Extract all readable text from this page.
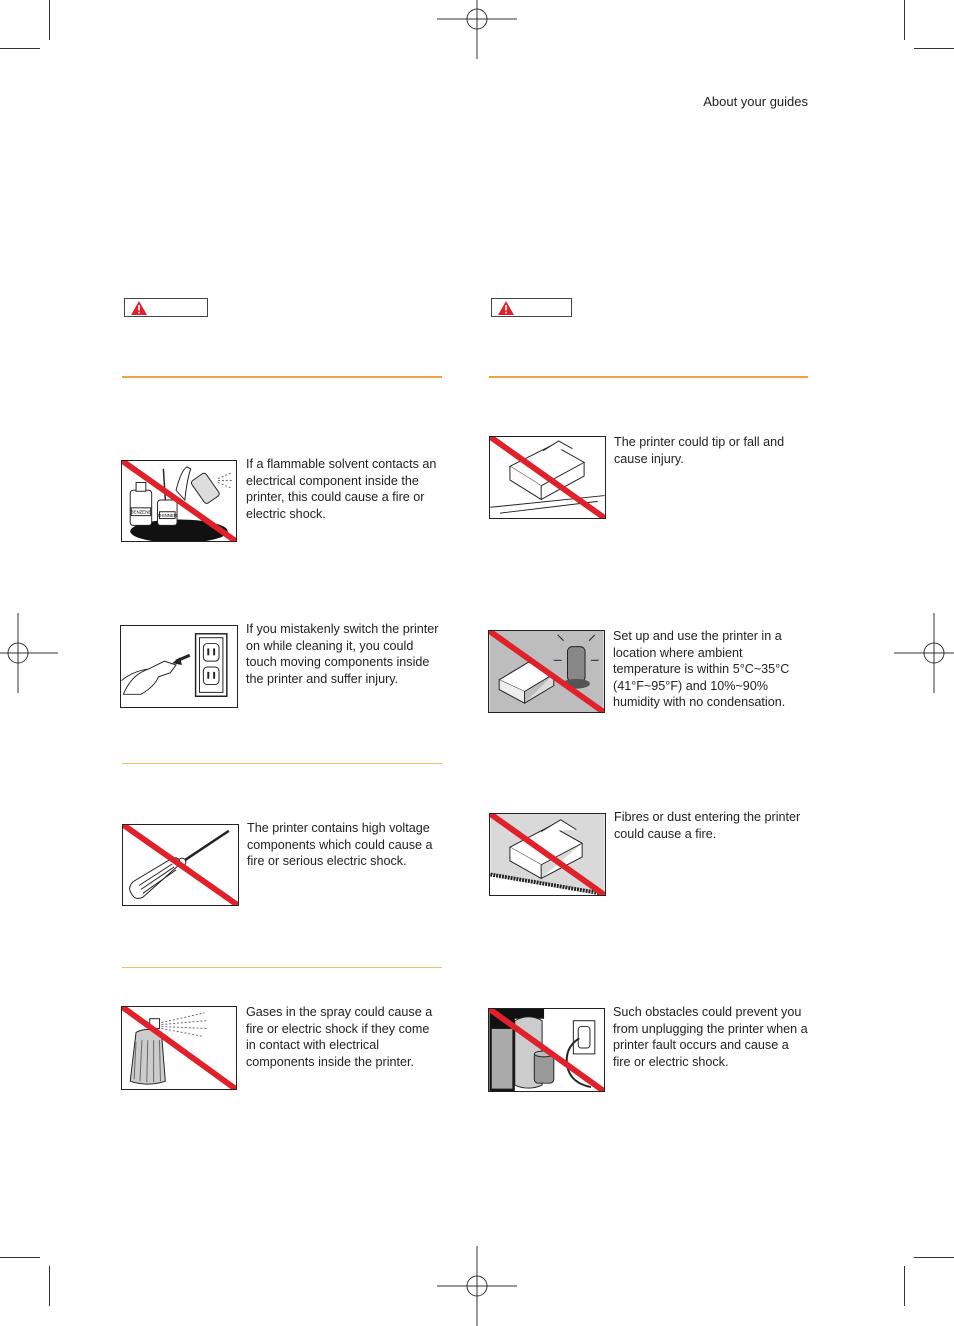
About your guides
BENZENE
THINNER
If a flammable solvent contacts an electrical component inside the printer, this could cause a fire or electric shock.
If you mistakenly switch the printer on while cleaning it, you could touch moving components inside the printer and suffer injury.
The printer contains high voltage components which could cause a fire or serious electric shock.
Gases in the spray could cause a fire or electric shock if they come in contact with electrical components inside the printer.
The printer could tip or fall and cause injury.
Set up and use the printer in a location where ambient temperature is within 5°C~35°C (41°F~95°F) and 10%~90% humidity with no condensation.
Fibres or dust entering the printer could cause a fire.
Such obstacles could prevent you from unplugging the printer when a printer fault occurs and cause a fire or electric shock.
